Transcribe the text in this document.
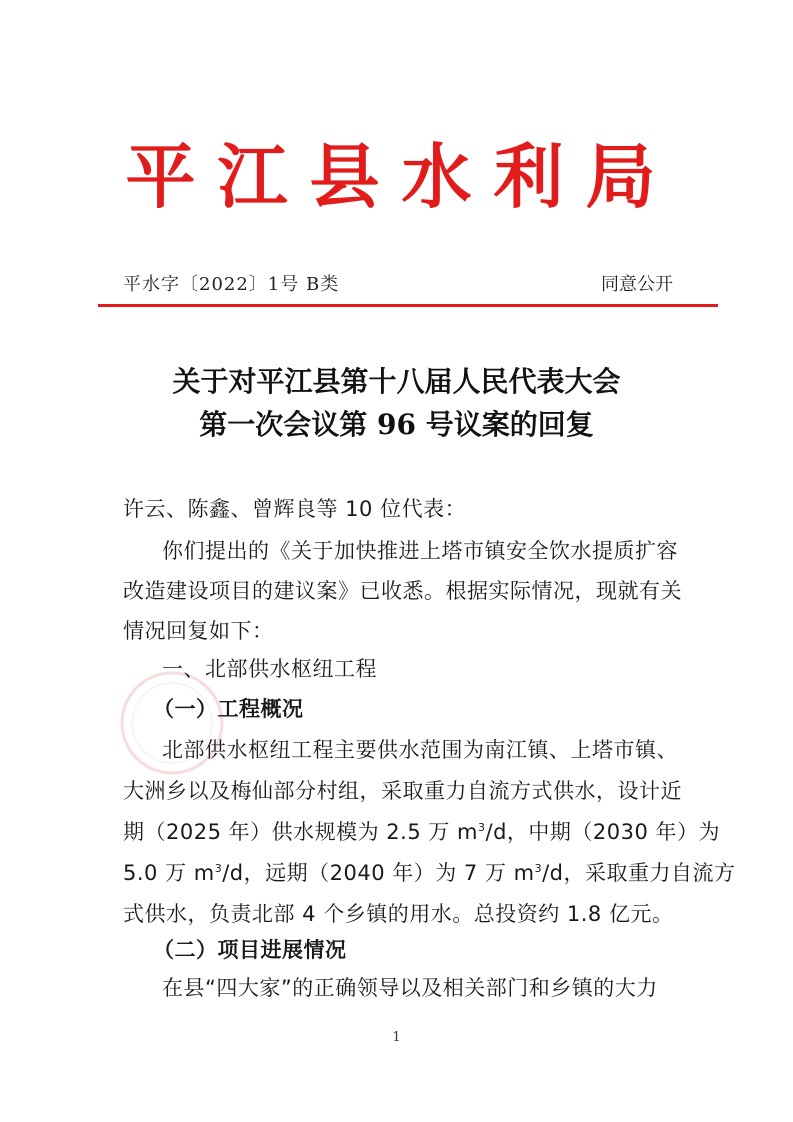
平江县水利局
平水字〔2022〕1号 B类	同意公开
关于对平江县第十八届人民代表大会
第一次会议第 96 号议案的回复
许云、陈鑫、曾辉良等 10 位代表：
你们提出的《关于加快推进上塔市镇安全饮水提质扩容
改造建设项目的建议案》已收悉。根据实际情况，现就有关
情况回复如下：
一、北部供水枢纽工程
（一）工程概况
北部供水枢纽工程主要供水范围为南江镇、上塔市镇、
大洲乡以及梅仙部分村组，采取重力自流方式供水，设计近
期（2025 年）供水规模为 2.5 万 $m^3/d$，中期（2030 年）为
5.0 万 $m^3/d$，远期（2040 年）为 7 万 $m^3/d$，采取重力自流方
式供水，负责北部 4 个乡镇的用水。总投资约 1.8 亿元。
（二）项目进展情况
在县“四大家”的正确领导以及相关部门和乡镇的大力
1
